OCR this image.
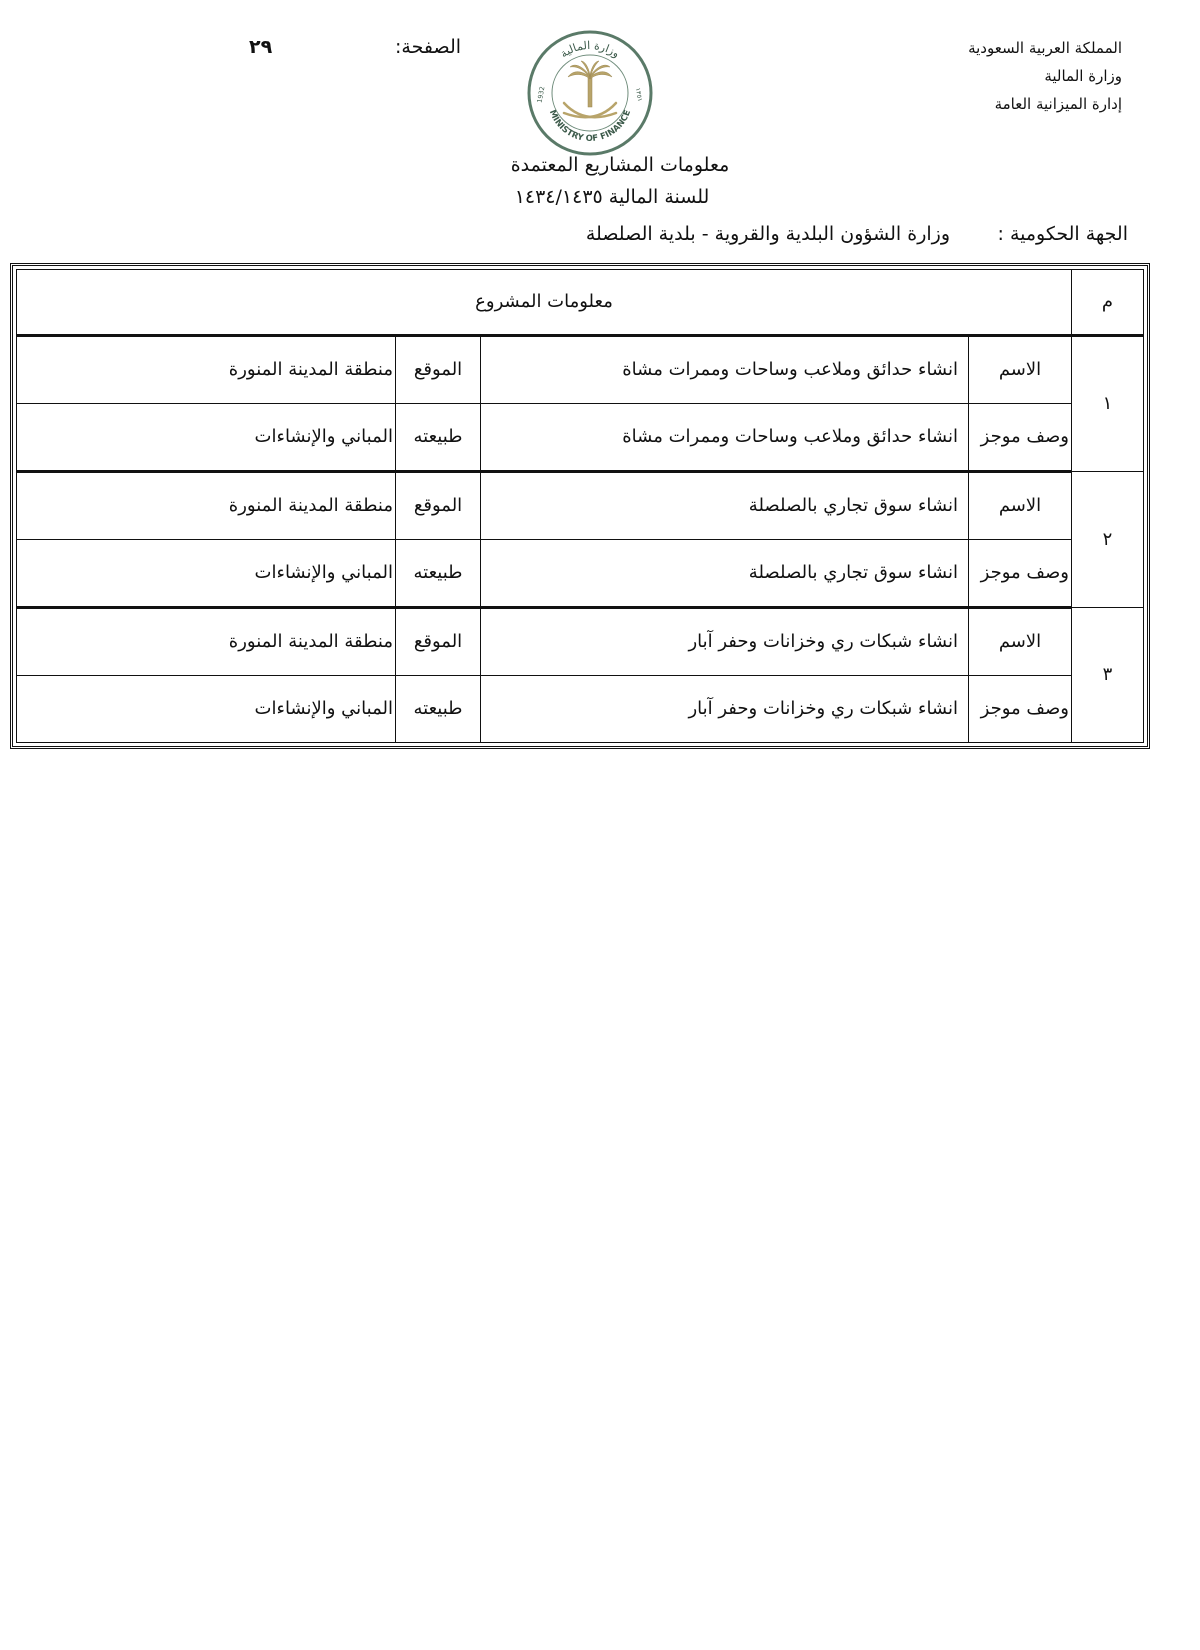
المملكة العربية السعودية
وزارة المالية
إدارة الميزانية العامة
الصفحة:
٢٩	وزارة المالية
MINISTRY OF FINANCE
1932	١٣٥١
معلومات المشاريع المعتمدة
للسنة المالية ١٤٣٤/١٤٣٥
الجهة الحكومية :
وزارة الشؤون البلدية والقروية - بلدية الصلصلة
م	معلومات المشروع			
١	الاسم	انشاء حدائق وملاعب وساحات وممرات مشاة	الموقع	منطقة المدينة المنورة
	وصف موجز	انشاء حدائق وملاعب وساحات وممرات مشاة	طبيعته	المباني والإنشاءات
٢	الاسم	انشاء سوق تجاري بالصلصلة	الموقع	منطقة المدينة المنورة
	وصف موجز	انشاء سوق تجاري بالصلصلة	طبيعته	المباني والإنشاءات
٣	الاسم	انشاء شبكات ري وخزانات وحفر آبار	الموقع	منطقة المدينة المنورة
	وصف موجز	انشاء شبكات ري وخزانات وحفر آبار	طبيعته	المباني والإنشاءات
